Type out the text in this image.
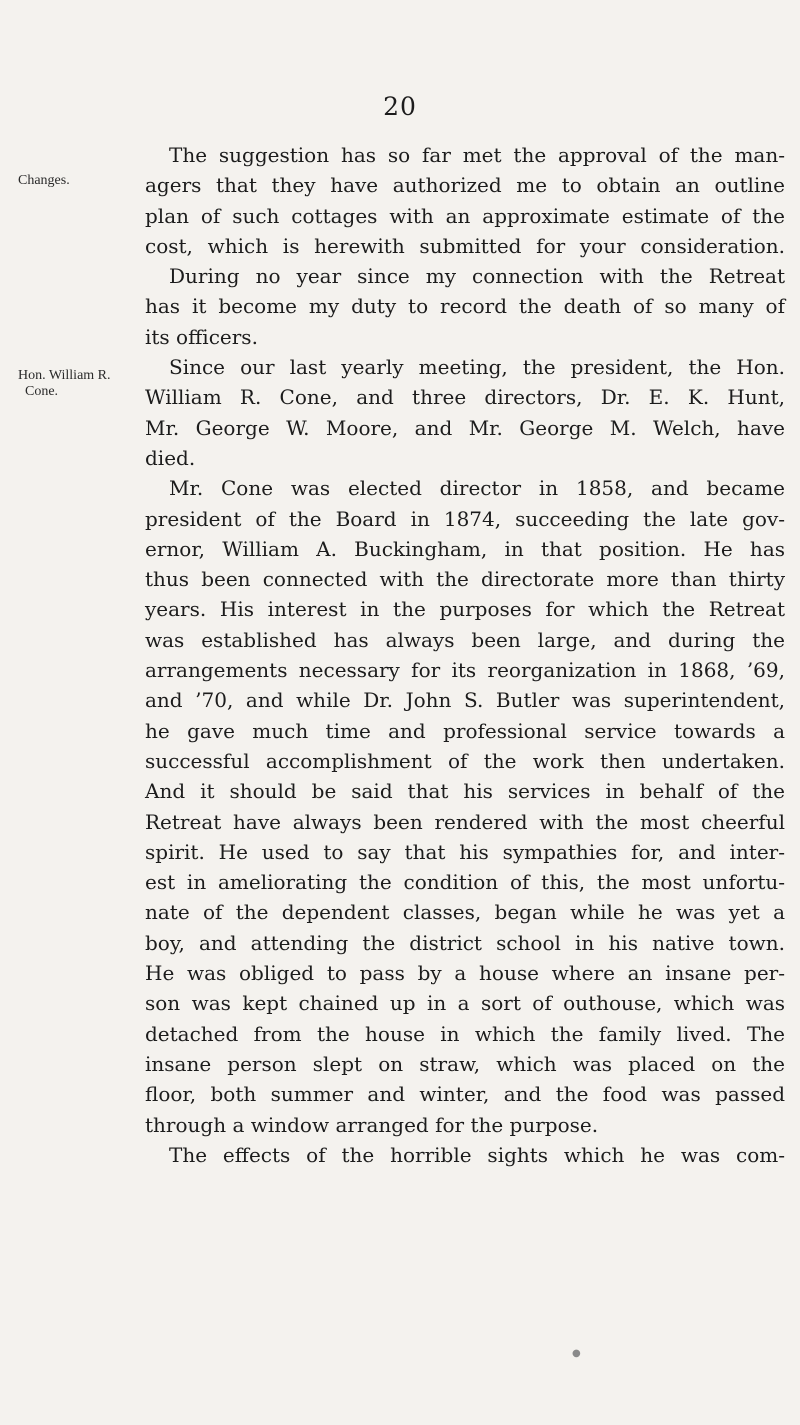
20
Changes.
Hon. William R.
Cone.
The suggestion has so far met the approval of the man-
agers that they have authorized me to obtain an outline
plan of such cottages with an approximate estimate of the
cost, which is herewith submitted for your consideration.
During no year since my connection with the Retreat
has it become my duty to record the death of so many of
its officers.
Since our last yearly meeting, the president, the Hon.
William R. Cone, and three directors, Dr. E. K. Hunt,
Mr. George W. Moore, and Mr. George M. Welch, have
died.
Mr. Cone was elected director in 1858, and became
president of the Board in 1874, succeeding the late gov-
ernor, William A. Buckingham, in that position. He has
thus been connected with the directorate more than thirty
years. His interest in the purposes for which the Retreat
was established has always been large, and during the
arrangements necessary for its reorganization in 1868, ’69,
and ’70, and while Dr. John S. Butler was superintendent,
he gave much time and professional service towards a
successful accomplishment of the work then undertaken.
And it should be said that his services in behalf of the
Retreat have always been rendered with the most cheerful
spirit. He used to say that his sympathies for, and inter-
est in ameliorating the condition of this, the most unfortu-
nate of the dependent classes, began while he was yet a
boy, and attending the district school in his native town.
He was obliged to pass by a house where an insane per-
son was kept chained up in a sort of outhouse, which was
detached from the house in which the family lived. The
insane person slept on straw, which was placed on the
floor, both summer and winter, and the food was passed
through a window arranged for the purpose.
The effects of the horrible sights which he was com-
●
